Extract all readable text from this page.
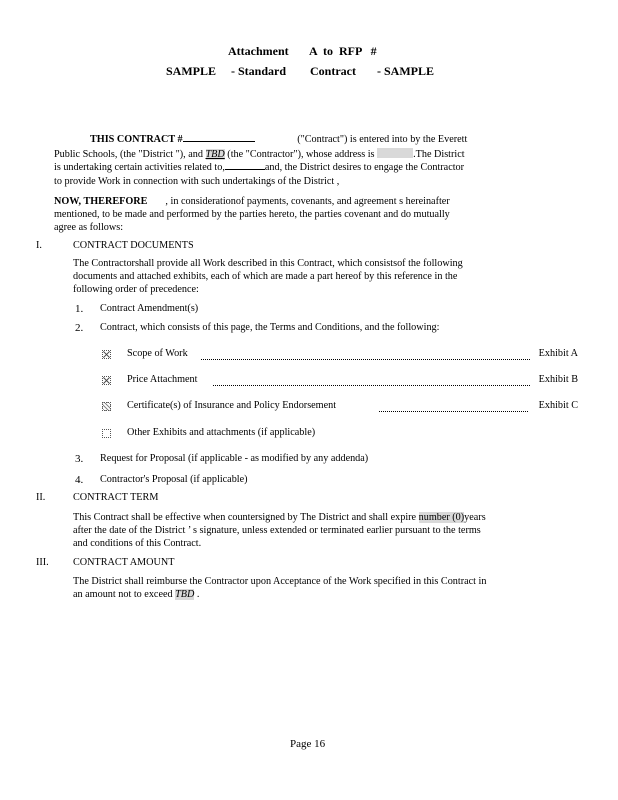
Attachment       A  to  RFP   #
SAMPLE     - Standard        Contract       - SAMPLE
THIS CONTRACT #	("Contract") is entered into by the Everett
Public Schools, (the "District "), and TBD (the "Contractor"), whose address is	.The District
is undertaking certain activities related to,	and, the District desires to engage the Contractor
to provide Work in connection with such undertakings of the District ,
NOW, THEREFORE , in considerationof payments, covenants, and agreement s hereinafter
mentioned, to be made and performed by the parties hereto, the parties covenant and do mutually
agree as follows:
I.	CONTRACT DOCUMENTS
The Contractorshall provide all Work described in this Contract, which consistsof the following
documents and attached exhibits, each of which are made a part hereof by this reference in the
following order of precedence:
1. Contract Amendment(s)
2. Contract, which consists of this page, the Terms and Conditions, and the following:
Scope of Work	Exhibit A
Price Attachment	Exhibit B
Certificate(s) of Insurance and Policy Endorsement	Exhibit C
Other Exhibits and attachments (if applicable)
3. Request for Proposal (if applicable - as modified by any addenda)
4. Contractor's Proposal (if applicable)
II.	CONTRACT TERM
This Contract shall be effective when countersigned by The District and shall expire number (0)years
after the date of the District ’ s signature, unless extended or terminated earlier pursuant to the terms
and conditions of this Contract.
III. CONTRACT AMOUNT
The District shall reimburse the Contractor upon Acceptance of the Work specified in this Contract in
an amount not to exceed TBD .
Page 16
